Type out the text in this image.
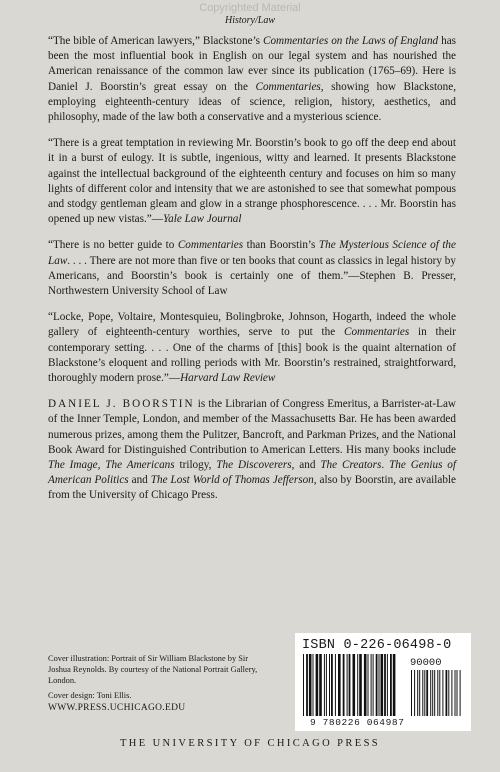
Copyrighted Material
History/Law

“The bible of American lawyers,” Blackstone’s Commentaries on the Laws of England has been the most influential book in English on our legal system and has nourished the American renaissance of the common law ever since its publication (1765–69). Here is Daniel J. Boorstin’s great essay on the Commentaries, showing how Blackstone, employing eighteenth-century ideas of science, religion, history, aesthetics, and philosophy, made of the law both a conservative and a mysterious science.

“There is a great temptation in reviewing Mr. Boorstin’s book to go off the deep end about it in a burst of eulogy. It is subtle, ingenious, witty and learned. It presents Blackstone against the intellectual background of the eighteenth century and focuses on him so many lights of different color and intensity that we are astonished to see that somewhat pompous and stodgy gentleman gleam and glow in a strange phosphorescence. . . . Mr. Boorstin has opened up new vistas.”—Yale Law Journal

“There is no better guide to Commentaries than Boorstin’s The Mysterious Science of the Law. . . . There are not more than five or ten books that count as classics in legal history by Americans, and Boorstin’s book is certainly one of them.”—Stephen B. Presser, Northwestern University School of Law

“Locke, Pope, Voltaire, Montesquieu, Bolingbroke, Johnson, Hogarth, indeed the whole gallery of eighteenth-century worthies, serve to put the Commentaries in their contemporary setting. . . . One of the charms of [this] book is the quaint alternation of Blackstone’s eloquent and rolling periods with Mr. Boorstin’s restrained, straightforward, thoroughly modern prose.”—Harvard Law Review

DANIEL J. BOORSTIN is the Librarian of Congress Emeritus, a Barrister-at-Law of the Inner Temple, London, and member of the Massachusetts Bar. He has been awarded numerous prizes, among them the Pulitzer, Bancroft, and Parkman Prizes, and the National Book Award for Distinguished Contribution to American Letters. His many books include The Image, The Americans trilogy, The Discoverers, and The Creators. The Genius of American Politics and The Lost World of Thomas Jefferson, also by Boorstin, are available from the University of Chicago Press.

Cover illustration: Portrait of Sir William Blackstone by Sir Joshua Reynolds. By courtesy of the National Portrait Gallery, London.

Cover design: Toni Ellis.

WWW.PRESS.UCHICAGO.EDU
ISBN 0-226-06498-0
90000
9 780226 064987
THE UNIVERSITY OF CHICAGO PRESS
